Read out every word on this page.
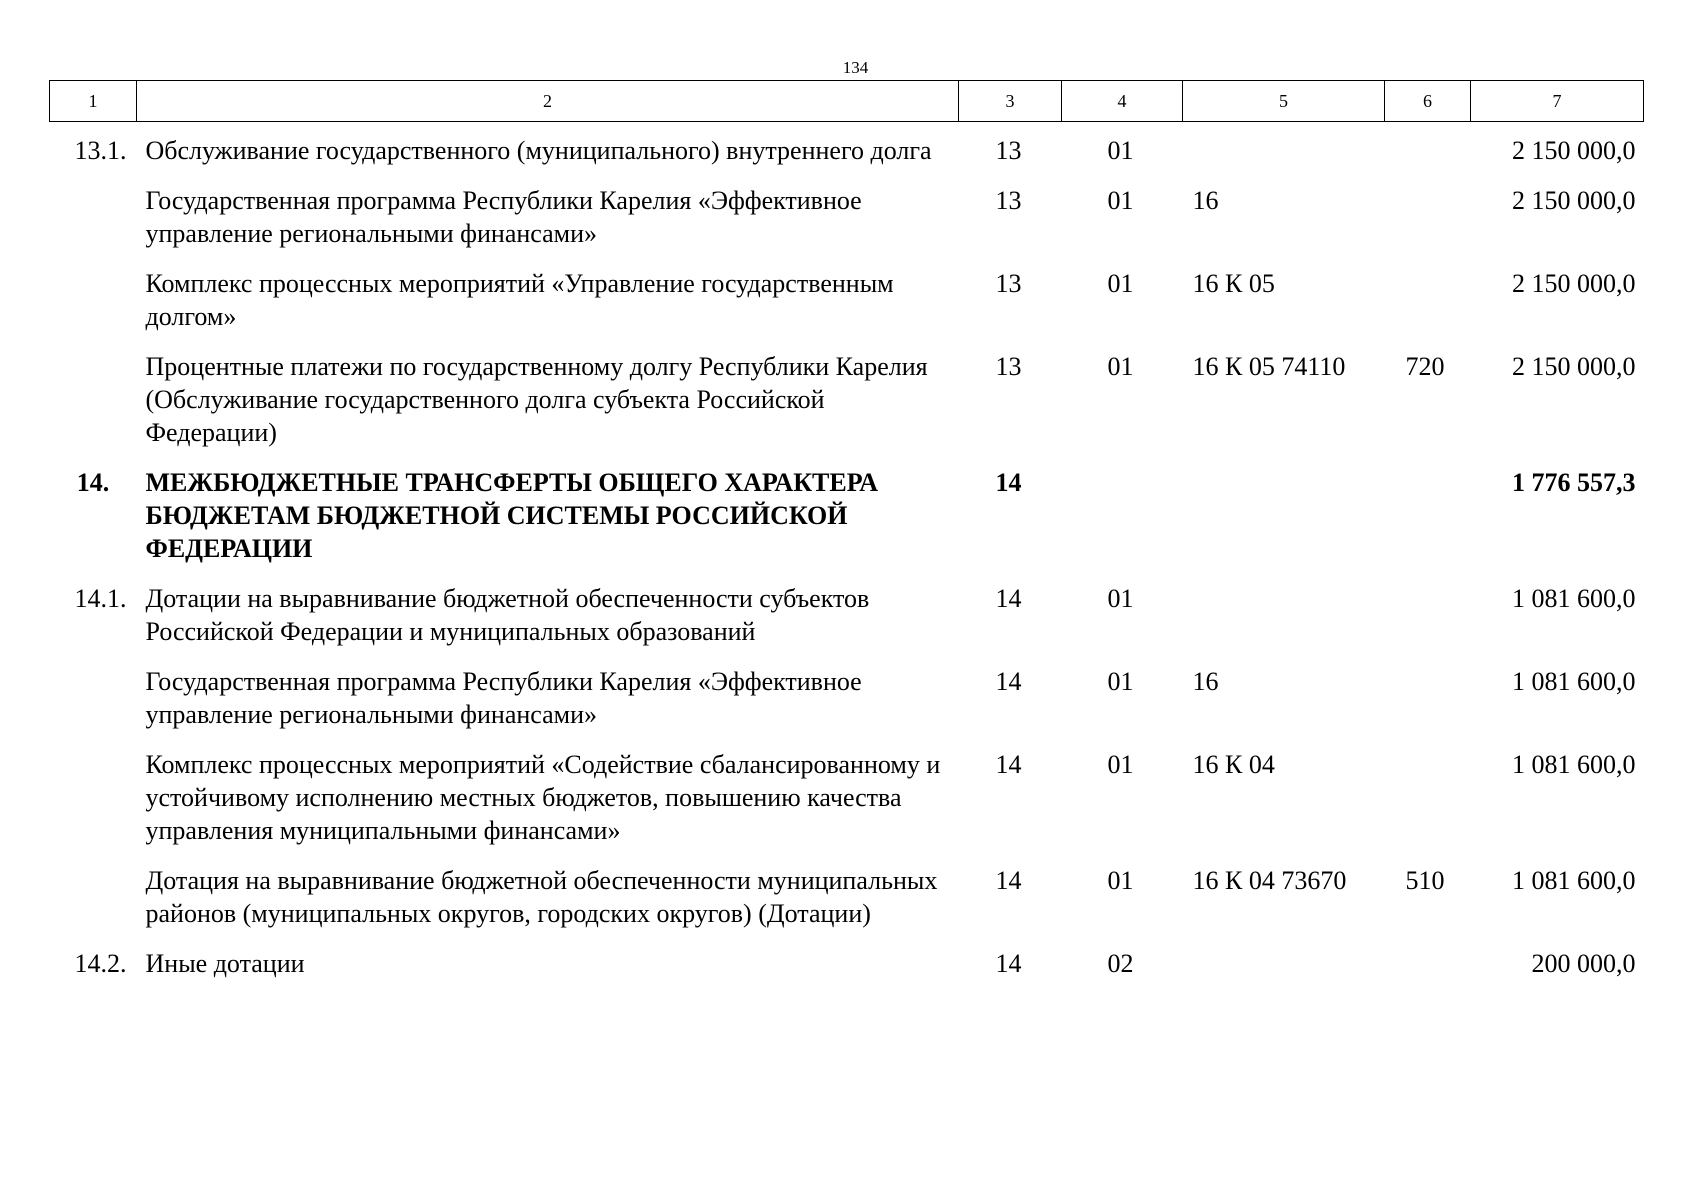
134
1	2	3	4	5	6	7
13.1.	Обслуживание государственного (муниципального) внутреннего долга	13	01			2 150 000,0
	Государственная программа Республики Карелия «Эффективное управление региональными финансами»	13	01	16		2 150 000,0
	Комплекс процессных мероприятий «Управление государственным долгом»	13	01	16 К 05		2 150 000,0
	Процентные платежи по государственному долгу Республики Карелия (Обслуживание государственного долга субъекта Российской Федерации)	13	01	16 К 05 74110	720	2 150 000,0
14.	МЕЖБЮДЖЕТНЫЕ ТРАНСФЕРТЫ ОБЩЕГО ХАРАКТЕРА БЮДЖЕТАМ БЮДЖЕТНОЙ СИСТЕМЫ РОССИЙСКОЙ ФЕДЕРАЦИИ	14				1 776 557,3
14.1.	Дотации на выравнивание бюджетной обеспеченности субъектов Российской Федерации и муниципальных образований	14	01			1 081 600,0
	Государственная программа Республики Карелия «Эффективное управление региональными финансами»	14	01	16		1 081 600,0
	Комплекс процессных мероприятий «Содействие сбалансированному и устойчивому исполнению местных бюджетов, повышению качества управления муниципальными финансами»	14	01	16 К 04		1 081 600,0
	Дотация на выравнивание бюджетной обеспеченности муниципальных районов (муниципальных округов, городских округов) (Дотации)	14	01	16 К 04 73670	510	1 081 600,0
14.2.	Иные дотации	14	02			200 000,0
